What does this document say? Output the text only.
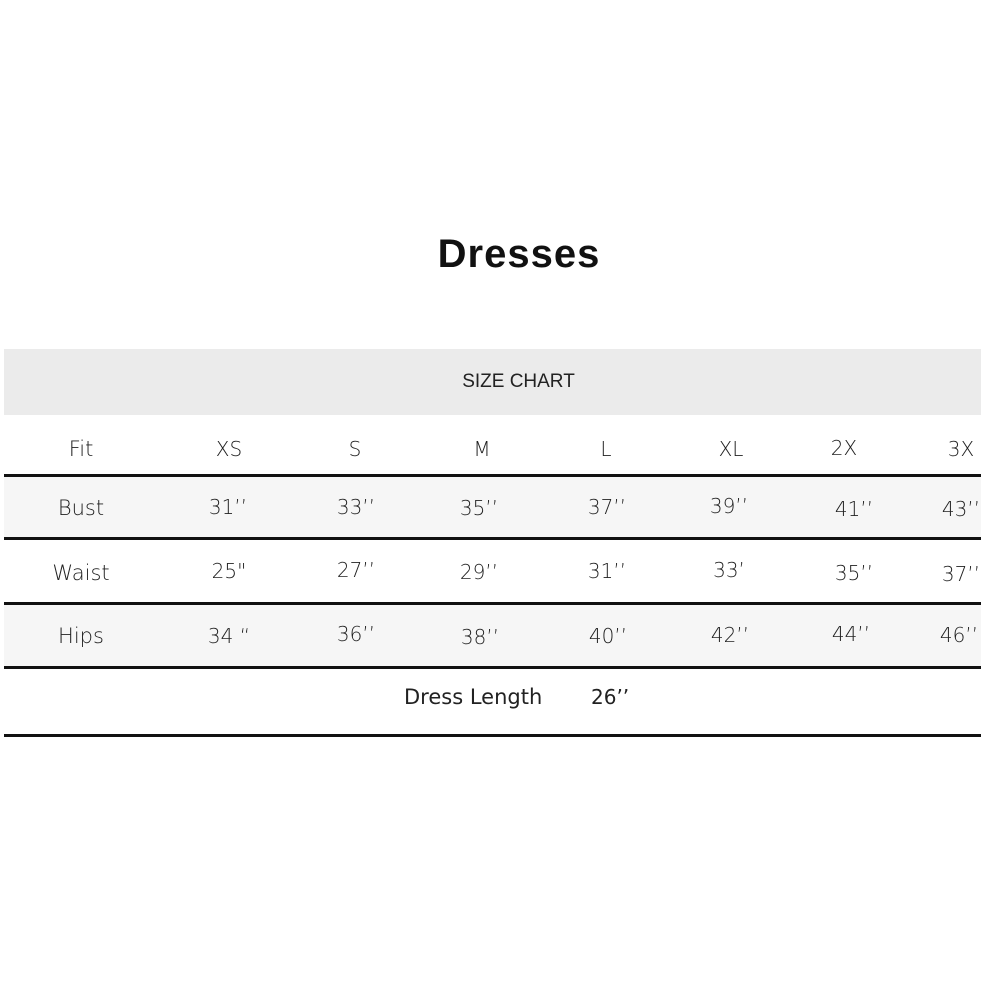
Dresses
SIZE CHART
Fit	XS	S	M	L	XL	2X	3X
Bust	31’’	33’’	35’’	37’’	39’’	41’’	43’’
Waist	25"	27’’	29’’	31’’	33’	35’’	37’’
Hips	34 “	36’’	38’’	40’’	42’’	44’’	46’’
Dress Length 26’’
